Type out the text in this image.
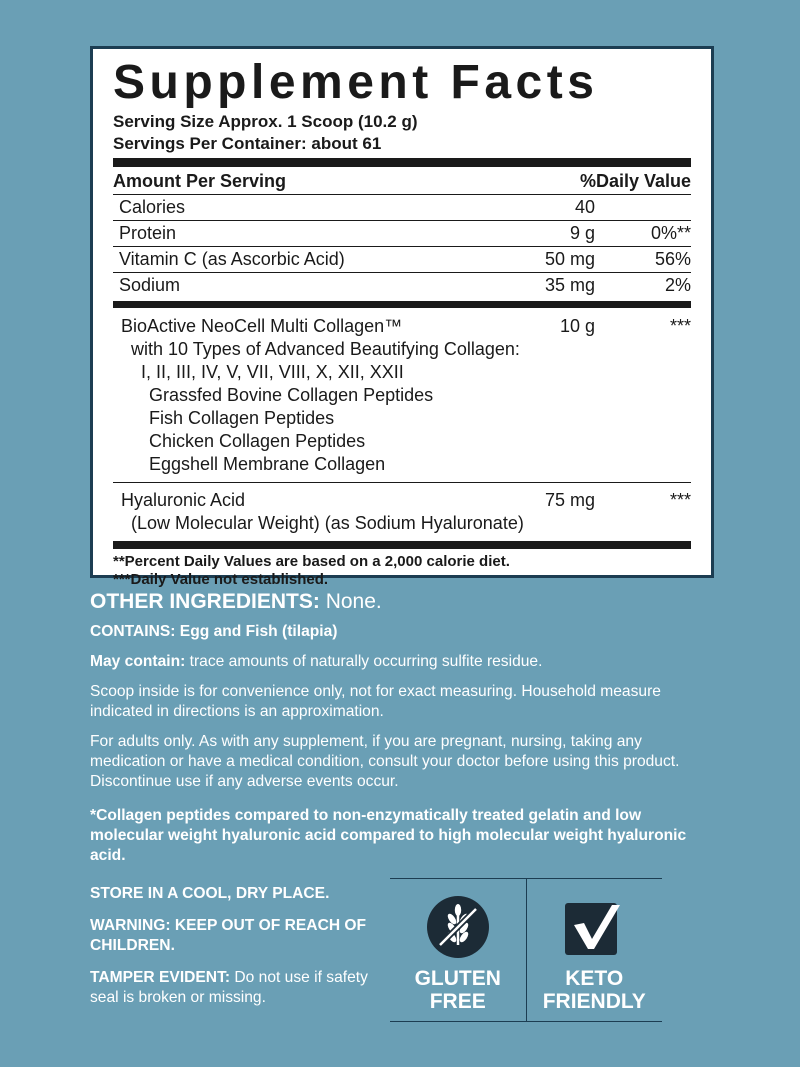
Supplement Facts
Serving Size Approx. 1 Scoop (10.2 g)
Servings Per Container: about 61
Amount Per Serving	%Daily Value
Calories	40
Protein	9 g	0%**
Vitamin C (as Ascorbic Acid)	50 mg	56%
Sodium	35 mg	2%
BioActive NeoCell Multi Collagen™	10 g	***
with 10 Types of Advanced Beautifying Collagen:
I, II, III, IV, V, VII, VIII, X, XII, XXII
Grassfed Bovine Collagen Peptides
Fish Collagen Peptides
Chicken Collagen Peptides
Eggshell Membrane Collagen
Hyaluronic Acid	75 mg	***
(Low Molecular Weight) (as Sodium Hyaluronate)
**Percent Daily Values are based on a 2,000 calorie diet.
***Daily Value not established.
OTHER INGREDIENTS: None.

CONTAINS: Egg and Fish (tilapia)

May contain: trace amounts of naturally occurring sulfite residue.

Scoop inside is for convenience only, not for exact measuring. Household measure indicated in directions is an approximation.

For adults only. As with any supplement, if you are pregnant, nursing, taking any medication or have a medical condition, consult your doctor before using this product. Discontinue use if any adverse events occur.

*Collagen peptides compared to non-enzymatically treated gelatin and low molecular weight hyaluronic acid compared to high molecular weight hyaluronic acid.

STORE IN A COOL, DRY PLACE.

WARNING: KEEP OUT OF REACH OF CHILDREN.

TAMPER EVIDENT: Do not use if safety seal is broken or missing.

GLUTEN
FREE
KETO
FRIENDLY
